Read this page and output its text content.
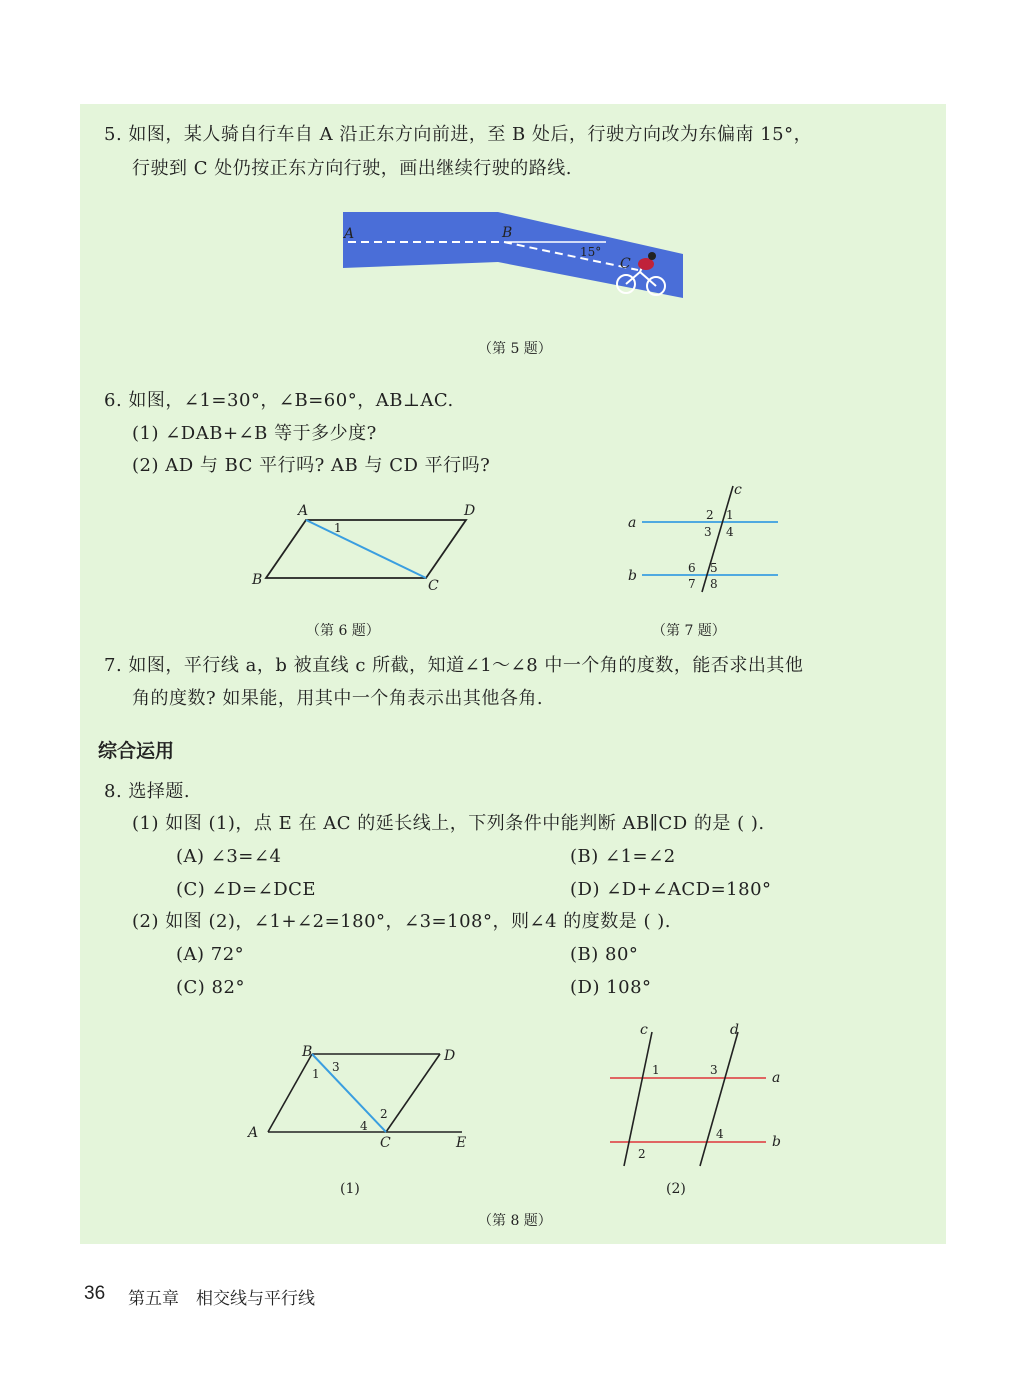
5. 如图，某人骑自行车自 A 沿正东方向前进，至 B 处后，行驶方向改为东偏南 15°，
行驶到 C 处仍按正东方向行驶，画出继续行驶的路线.
A	B
15°
C
（第 5 题）
6. 如图，∠1=30°，∠B=60°，AB⊥AC.
(1) ∠DAB+∠B 等于多少度?
(2) AD 与 BC 平行吗? AB 与 CD 平行吗?
A	D
B	C
1
（第 6 题）
a
b
c
2 1
3 4
6 5
7 8
（第 7 题）
7. 如图，平行线 a，b 被直线 c 所截，知道∠1～∠8 中一个角的度数，能否求出其他
角的度数? 如果能，用其中一个角表示出其他各角.
综合运用
8. 选择题.
(1) 如图 (1)，点 E 在 AC 的延长线上，下列条件中能判断 AB∥CD 的是 ( ).
(A) ∠3=∠4	(B) ∠1=∠2
(C) ∠D=∠DCE	(D) ∠D+∠ACD=180°
(2) 如图 (2)，∠1+∠2=180°，∠3=108°，则∠4 的度数是 ( ).
(A) 72°	(B) 80°
(C) 82°	(D) 108°
B	D
A
C	E
1 3
2
4
(1)
c	d
a
b
1	3
2
4
(2)
（第 8 题）
36 第五章　相交线与平行线
